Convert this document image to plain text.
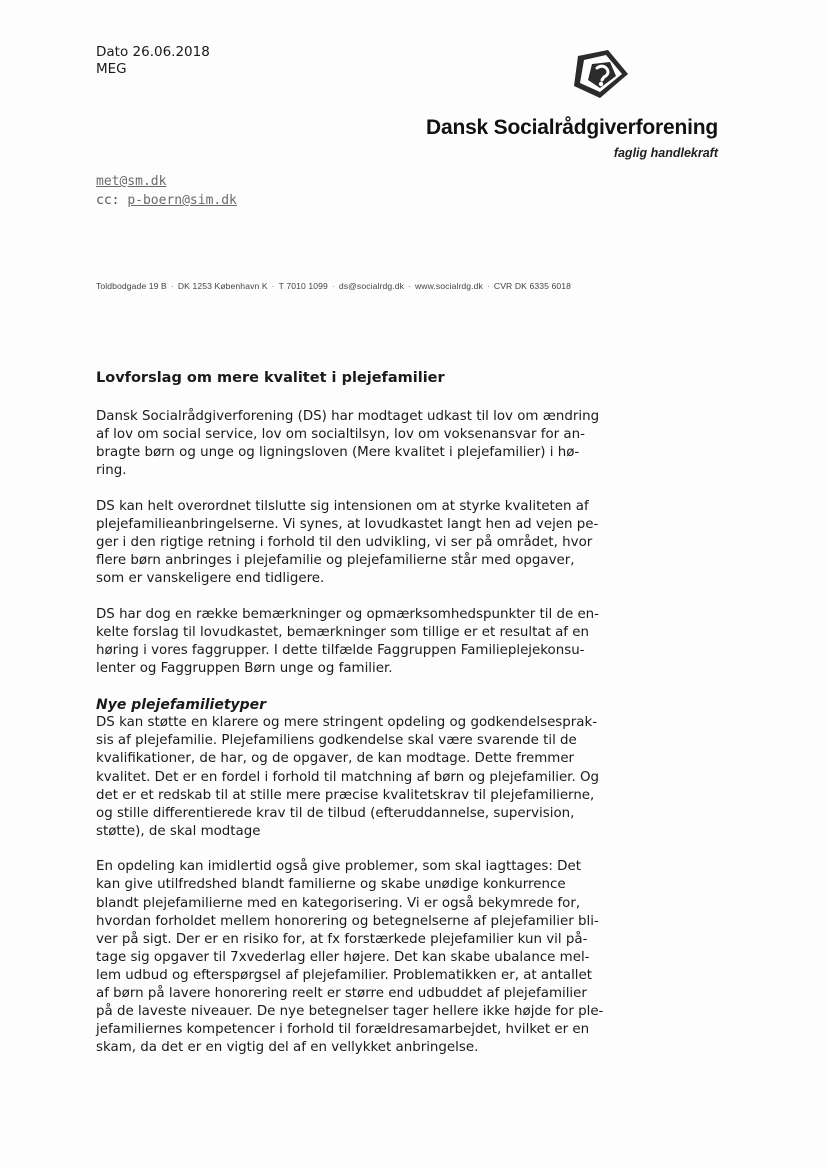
Dato 26.06.2018
MEG
Dansk Socialrådgiverforening
faglig handlekraft
met@sm.dk
cc: p-boern@sim.dk
Toldbodgade 19 B · DK 1253 København K · T 7010 1099 · ds@socialrdg.dk · www.socialrdg.dk · CVR DK 6335 6018
Lovforslag om mere kvalitet i plejefamilier
Dansk Socialrådgiverforening (DS) har modtaget udkast til lov om ændring
af lov om social service, lov om socialtilsyn, lov om voksenansvar for an-
bragte børn og unge og ligningsloven (Mere kvalitet i plejefamilier) i hø-
ring.
DS kan helt overordnet tilslutte sig intensionen om at styrke kvaliteten af
plejefamilieanbringelserne. Vi synes, at lovudkastet langt hen ad vejen pe-
ger i den rigtige retning i forhold til den udvikling, vi ser på området, hvor
flere børn anbringes i plejefamilie og plejefamilierne står med opgaver,
som er vanskeligere end tidligere.
DS har dog en række bemærkninger og opmærksomhedspunkter til de en-
kelte forslag til lovudkastet, bemærkninger som tillige er et resultat af en
høring i vores faggrupper. I dette tilfælde Faggruppen Familieplejekonsu-
lenter og Faggruppen Børn unge og familier.
Nye plejefamilietyper
DS kan støtte en klarere og mere stringent opdeling og godkendelsesprak-
sis af plejefamilie. Plejefamiliens godkendelse skal være svarende til de
kvalifikationer, de har, og de opgaver, de kan modtage. Dette fremmer
kvalitet. Det er en fordel i forhold til matchning af børn og plejefamilier. Og
det er et redskab til at stille mere præcise kvalitetskrav til plejefamilierne,
og stille differentierede krav til de tilbud (efteruddannelse, supervision,
støtte), de skal modtage
En opdeling kan imidlertid også give problemer, som skal iagttages: Det
kan give utilfredshed blandt familierne og skabe unødige konkurrence
blandt plejefamilierne med en kategorisering. Vi er også bekymrede for,
hvordan forholdet mellem honorering og betegnelserne af plejefamilier bli-
ver på sigt. Der er en risiko for, at fx forstærkede plejefamilier kun vil på-
tage sig opgaver til 7xvederlag eller højere. Det kan skabe ubalance mel-
lem udbud og efterspørgsel af plejefamilier. Problematikken er, at antallet
af børn på lavere honorering reelt er større end udbuddet af plejefamilier
på de laveste niveauer. De nye betegnelser tager hellere ikke højde for ple-
jefamiliernes kompetencer i forhold til forældresamarbejdet, hvilket er en
skam, da det er en vigtig del af en vellykket anbringelse.
